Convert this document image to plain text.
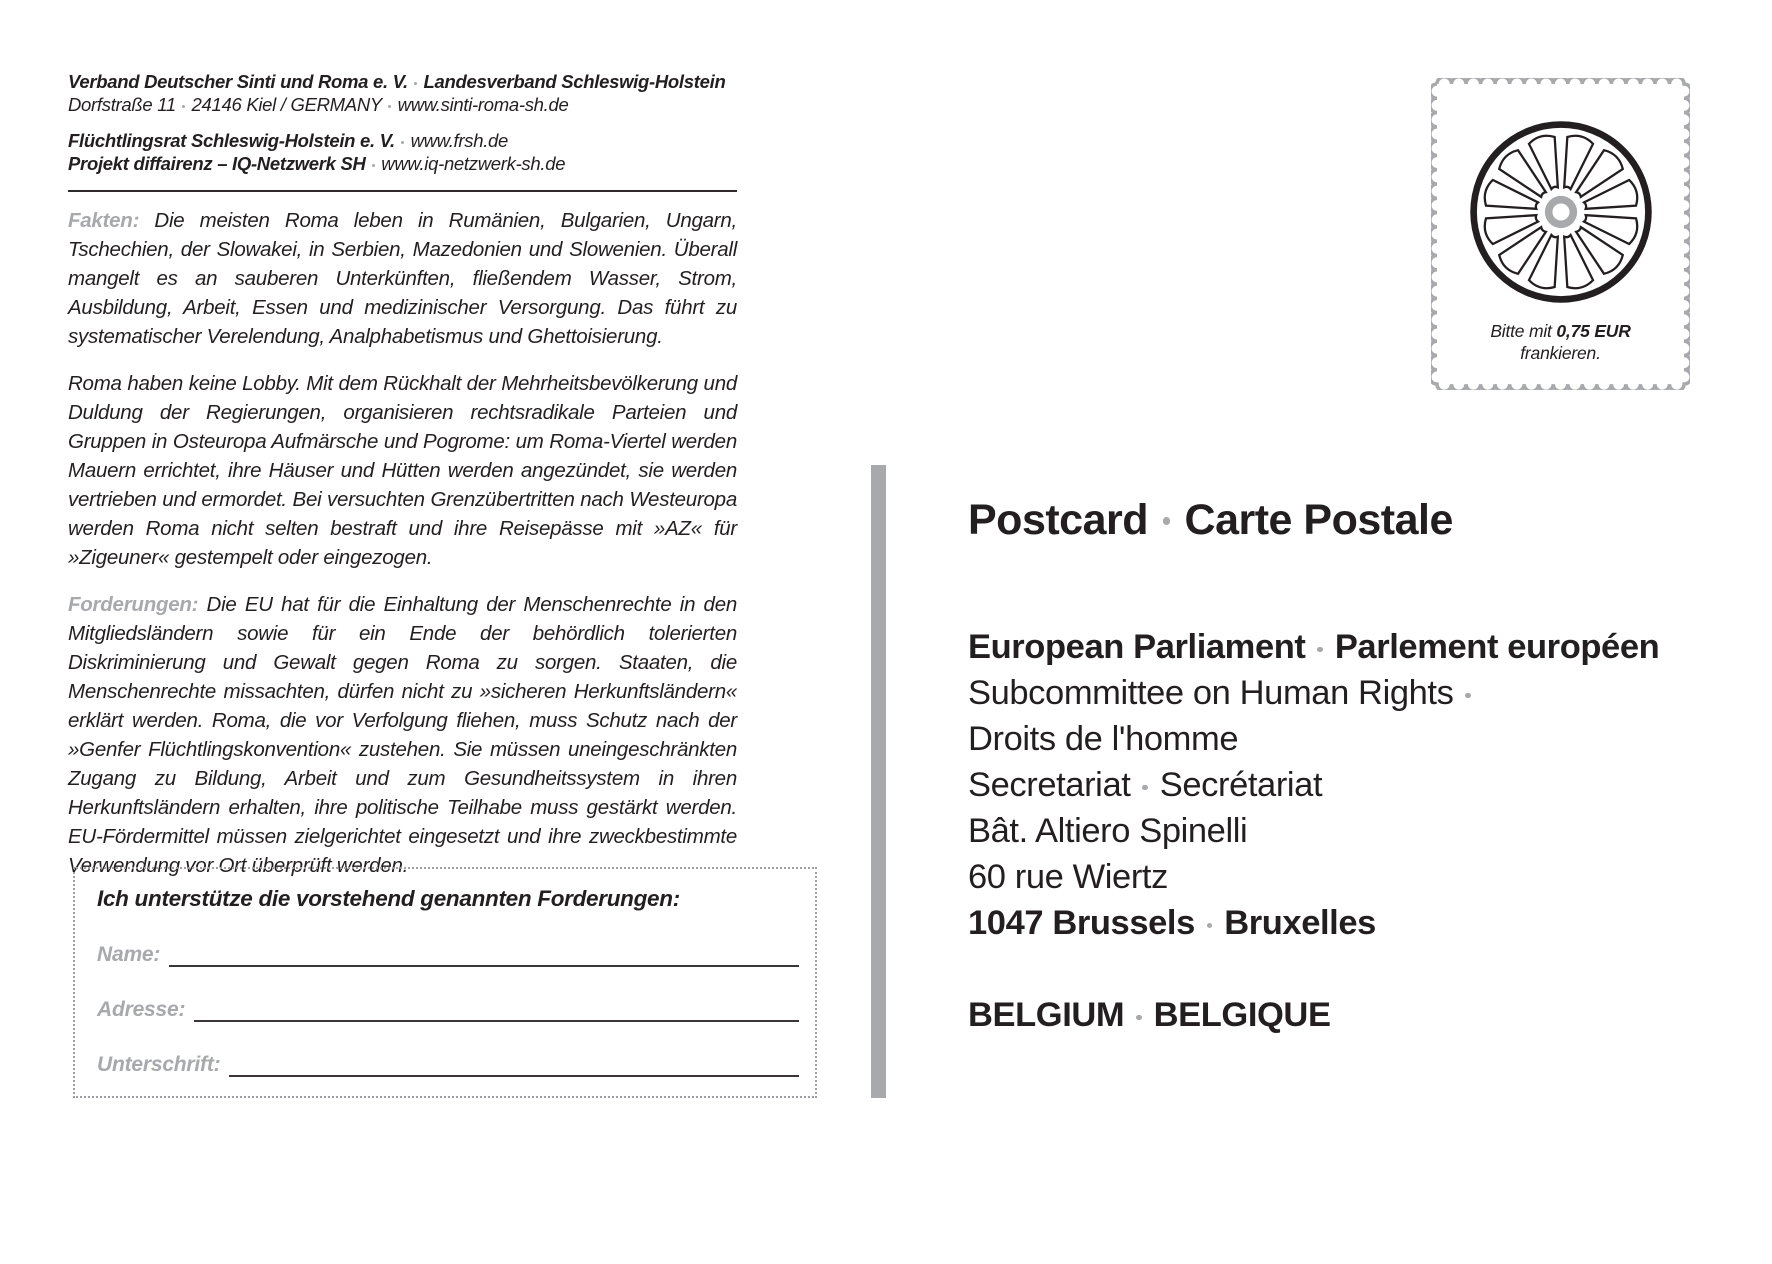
Verband Deutscher Sinti und Roma e. V. Landesverband Schleswig-Holstein
Dorfstraße 11 24146 Kiel / GERMANY www.sinti-roma-sh.de
Flüchtlingsrat Schleswig-Holstein e. V. www.frsh.de
Projekt diffairenz – IQ-Netzwerk SH www.iq-netzwerk-sh.de
Fakten: Die meisten Roma leben in Rumänien, Bulgarien, Ungarn, Tschechien, der Slowakei, in Serbien, Mazedonien und Slowenien. Überall mangelt es an sauberen Unterkünften, fließendem Wasser, Strom, Ausbildung, Arbeit, Essen und medizinischer Versorgung. Das führt zu systematischer Verelendung, Analphabetismus und Ghettoisierung.
Roma haben keine Lobby. Mit dem Rückhalt der Mehrheitsbevölkerung und Duldung der Regierungen, organisieren rechtsradikale Parteien und Gruppen in Osteuropa Aufmärsche und Pogrome: um Roma-Viertel werden Mauern errichtet, ihre Häuser und Hütten werden angezündet, sie werden vertrieben und ermordet. Bei versuchten Grenzübertritten nach Westeuropa werden Roma nicht selten bestraft und ihre Reisepässe mit »AZ« für »Zigeuner« gestempelt oder eingezogen.
Forderungen: Die EU hat für die Einhaltung der Menschenrechte in den Mitgliedsländern sowie für ein Ende der behördlich tolerierten Diskriminierung und Gewalt gegen Roma zu sorgen. Staaten, die Menschenrechte missachten, dürfen nicht zu »sicheren Herkunftsländern« erklärt werden. Roma, die vor Verfolgung fliehen, muss Schutz nach der »Genfer Flüchtlingskonvention« zustehen. Sie müssen uneingeschränkten Zugang zu Bildung, Arbeit und zum Gesundheitssystem in ihren Herkunftsländern erhalten, ihre politische Teilhabe muss gestärkt werden. EU-Fördermittel müssen zielgerichtet eingesetzt und ihre zweckbestimmte Verwendung vor Ort überprüft werden.
Ich unterstütze die vorstehend genannten Forderungen:
Name:
Adresse:
Unterschrift:
Postcard Carte Postale
European Parliament Parlement européen
Subcommittee on Human Rights
Droits de l'homme
Secretariat Secrétariat
Bât. Altiero Spinelli
60 rue Wiertz
1047 Brussels Bruxelles
BELGIUM BELGIQUE
Bitte mit 0,75 EUR
frankieren.
